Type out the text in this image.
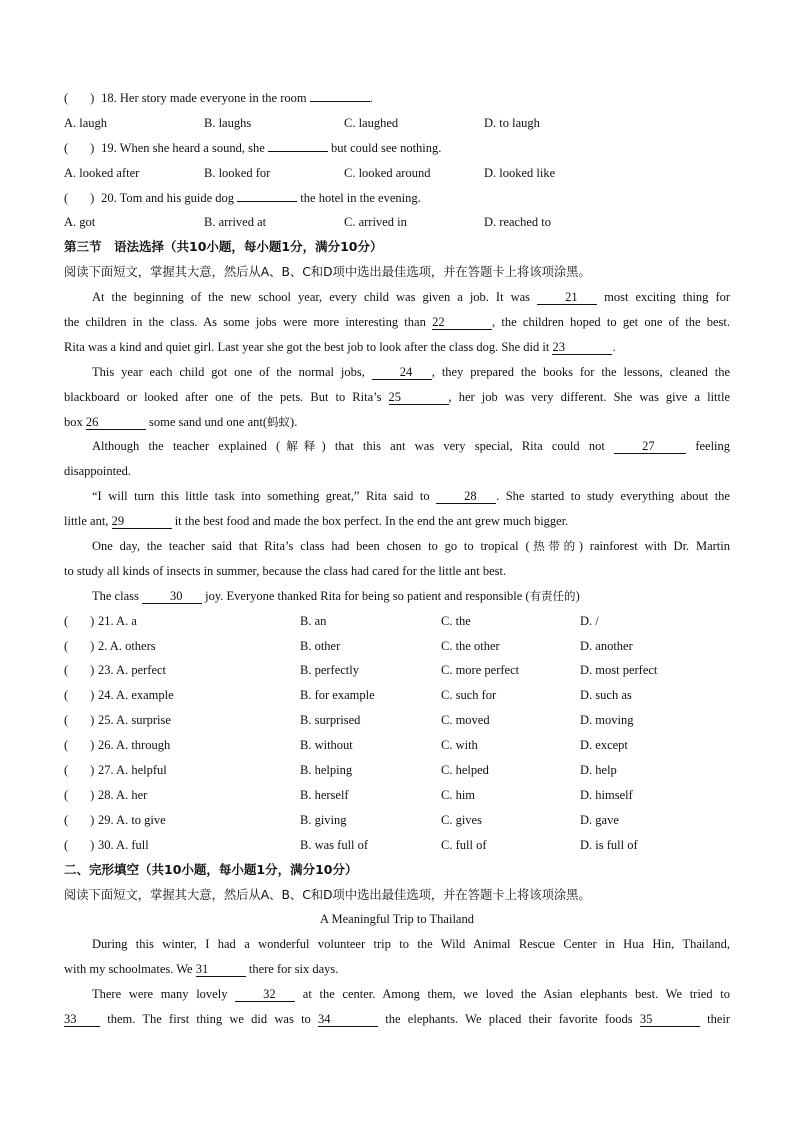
( ) 18. Her story made everyone in the room	.
A. laugh	B. laughs	C. laughed	D. to laugh
( ) 19. When she heard a sound, she	but could see nothing.
A. looked after	B. looked for	C. looked around	D. looked like
( ) 20. Tom and his guide dog	the hotel in the evening.
A. got	B. arrived at	C. arrived in	D. reached to
第三节　语法选择（共10小题，每小题1分，满分10分）
阅读下面短文，掌握其大意，然后从A、B、C和D项中选出最佳选项，并在答题卡上将该项涂黑。
At the beginning of the new school year, every child was given a job. It was	21 most exciting thing for
the children in the class. As some jobs were more interesting than 22	, the children hoped to get one of the best.
Rita was a kind and quiet girl. Last year she got the best job to look after the class dog. She did it 23	.
This year each child got one of the normal jobs,	24 , they prepared the books for the lessons, cleaned the
blackboard or looked after one of the pets. But to Rita’s 25	, her job was very different. She was give a little
box 26	some sand und one ant(蚂蚁).
Although the teacher explained (解释) that this ant was very special, Rita could not	27	feeling
disappointed.
“I will turn this little task into something great,” Rita said to	28 . She started to study everything about the
little ant, 29	it the best food and made the box perfect. In the end the ant grew much bigger.
One day, the teacher said that Rita’s class had been chosen to go to tropical (热带的) rainforest with Dr. Martin
to study all kinds of insects in summer, because the class had cared for the little ant best.
The class 30 joy. Everyone thanked Rita for being so patient and responsible (有责任的)
( ) 21. A. a	B. an	C. the	D. /
( ) 2. A. others	B. other	C. the other	D. another
( ) 23. A. perfect	B. perfectly	C. more perfect	D. most perfect
( ) 24. A. example	B. for example	C. such for	D. such as
( ) 25. A. surprise	B. surprised	C. moved	D. moving
( ) 26. A. through	B. without	C. with	D. except
( ) 27. A. helpful	B. helping	C. helped	D. help
( ) 28. A. her	B. herself	C. him	D. himself
( ) 29. A. to give	B. giving	C. gives	D. gave
( ) 30. A. full	B. was full of	C. full of	D. is full of
二、完形填空（共10小题，每小题1分，满分10分）
阅读下面短文，掌握其大意，然后从A、B、C和D项中选出最佳选项，并在答题卡上将该项涂黑。
A Meaningful Trip to Thailand
During this winter, I had a wonderful volunteer trip to the Wild Animal Rescue Center in Hua Hin, Thailand,
with my schoolmates. We 31	there for six days.
There were many lovely	32 at the center. Among them, we loved the Asian elephants best. We tried to
33 them. The first thing we did was to 34	the elephants. We placed their favorite foods 35	their
